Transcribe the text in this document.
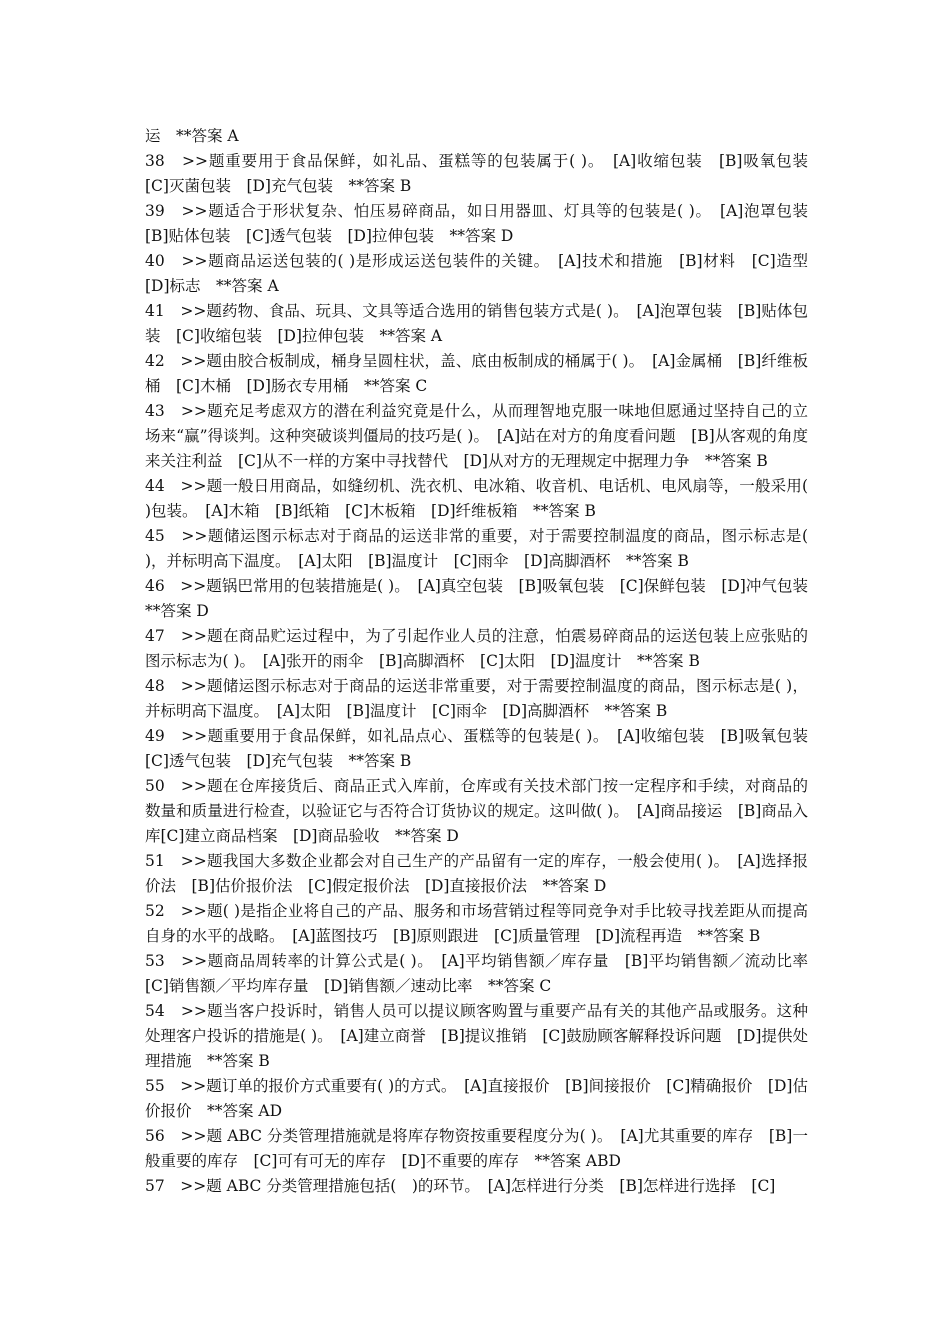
运　**答案 A

38　>>题重要用于食品保鲜，如礼品、蛋糕等的包装属于( )。　[A]收缩包装　[B]吸氧包装　[C]灭菌包装　[D]充气包装　**答案 B

39　>>题适合于形状复杂、怕压易碎商品，如日用器皿、灯具等的包装是( )。　[A]泡罩包装　[B]贴体包装　[C]透气包装　[D]拉伸包装　**答案 D

40　>>题商品运送包装的( )是形成运送包装件的关键。　[A]技术和措施　[B]材料　[C]造型　[D]标志　**答案 A

41　>>题药物、食品、玩具、文具等适合选用的销售包装方式是( )。　[A]泡罩包装　[B]贴体包装　[C]收缩包装　[D]拉伸包装　**答案 A

42　>>题由胶合板制成，桶身呈圆柱状，盖、底由板制成的桶属于( )。　[A]金属桶　[B]纤维板桶　[C]木桶　[D]肠衣专用桶　**答案 C

43　>>题充足考虑双方的潜在利益究竟是什么，从而理智地克服一味地但愿通过坚持自己的立场来“赢”得谈判。这种突破谈判僵局的技巧是( )。　[A]站在对方的角度看问题　[B]从客观的角度来关注利益　[C]从不一样的方案中寻找替代　[D]从对方的无理规定中据理力争　**答案 B

44　>>题一般日用商品，如缝纫机、洗衣机、电冰箱、收音机、电话机、电风扇等，一般采用( )包装。　[A]木箱　[B]纸箱　[C]木板箱　[D]纤维板箱　**答案 B

45　>>题储运图示标志对于商品的运送非常的重要，对于需要控制温度的商品，图示标志是( )，并标明高下温度。　[A]太阳　[B]温度计　[C]雨伞　[D]高脚酒杯　**答案 B

46　>>题锅巴常用的包装措施是( )。　[A]真空包装　[B]吸氧包装　[C]保鲜包装　[D]冲气包装　**答案 D

47　>>题在商品贮运过程中，为了引起作业人员的注意，怕震易碎商品的运送包装上应张贴的图示标志为( )。　[A]张开的雨伞　[B]高脚酒杯　[C]太阳　[D]温度计　**答案 B

48　>>题储运图示标志对于商品的运送非常重要，对于需要控制温度的商品，图示标志是( )，并标明高下温度。　[A]太阳　[B]温度计　[C]雨伞　[D]高脚酒杯　**答案 B

49　>>题重要用于食品保鲜，如礼品点心、蛋糕等的包装是( )。　[A]收缩包装　[B]吸氧包装　[C]透气包装　[D]充气包装　**答案 B

50　>>题在仓库接货后、商品正式入库前，仓库或有关技术部门按一定程序和手续，对商品的数量和质量进行检查，以验证它与否符合订货协议的规定。这叫做( )。　[A]商品接运　[B]商品入库[C]建立商品档案　[D]商品验收　**答案 D

51　>>题我国大多数企业都会对自己生产的产品留有一定的库存，一般会使用( )。　[A]选择报价法　[B]估价报价法　[C]假定报价法　[D]直接报价法　**答案 D

52　>>题( )是指企业将自己的产品、服务和市场营销过程等同竞争对手比较寻找差距从而提高自身的水平的战略。　[A]蓝图技巧　[B]原则跟进　[C]质量管理　[D]流程再造　**答案 B

53　>>题商品周转率的计算公式是( )。　[A]平均销售额／库存量　[B]平均销售额／流动比率　[C]销售额／平均库存量　[D]销售额／速动比率　**答案 C

54　>>题当客户投诉时，销售人员可以提议顾客购置与重要产品有关的其他产品或服务。这种处理客户投诉的措施是( )。　[A]建立商誉　[B]提议推销　[C]鼓励顾客解释投诉问题　[D]提供处理措施　**答案 B

55　>>题订单的报价方式重要有( )的方式。　[A]直接报价　[B]间接报价　[C]精确报价　[D]估价报价　**答案 AD

56　>>题 ABC 分类管理措施就是将库存物资按重要程度分为( )。　[A]尤其重要的库存　[B]一般重要的库存　[C]可有可无的库存　[D]不重要的库存　**答案 ABD

57　>>题 ABC 分类管理措施包括(　)的环节。　[A]怎样进行分类　[B]怎样进行选择　[C]
